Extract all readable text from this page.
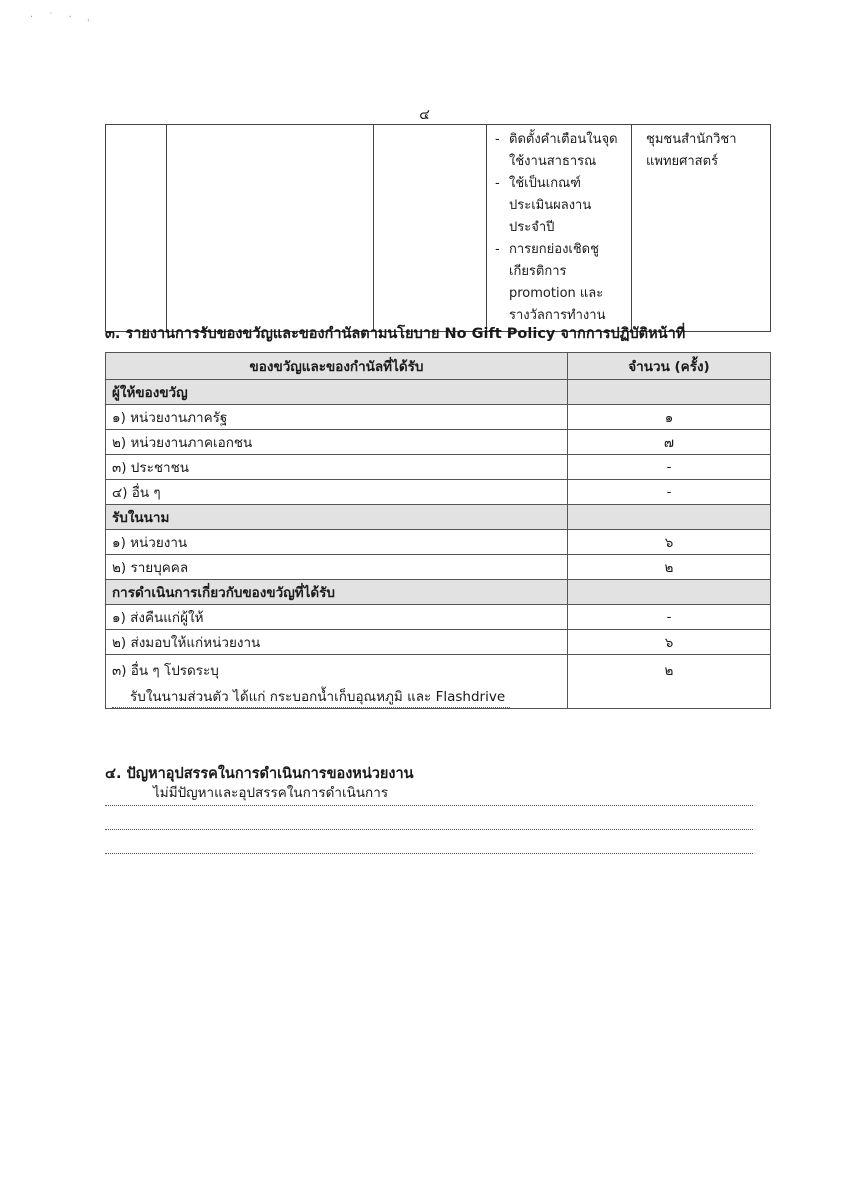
· ˙ · ˌ
๔

- ติดตั้งคำเตือนในจุดใช้งานสาธารณ
- ใช้เป็นเกณฑ์ประเมินผลงานประจำปี
- การยกย่องเชิดชูเกียรติการ promotion และรางวัลการทำงาน
	ชุมชนสำนักวิชาแพทยศาสตร์
๓. รายงานการรับของขวัญและของกำนัลตามนโยบาย No Gift Policy จากการปฏิบัติหน้าที่
ของขวัญและของกำนัลที่ได้รับ	จำนวน (ครั้ง)
ผู้ให้ของขวัญ	
๑) หน่วยงานภาครัฐ	๑
๒) หน่วยงานภาคเอกชน	๗
๓) ประชาชน	-
๔) อื่น ๆ	-
รับในนาม	
๑) หน่วยงาน	๖
๒) รายบุคคล	๒
การดำเนินการเกี่ยวกับของขวัญที่ได้รับ	
๑) ส่งคืนแก่ผู้ให้	-
๒) ส่งมอบให้แก่หน่วยงาน	๖
๓) อื่น ๆ โปรดระบุ
รับในนามส่วนตัว ได้แก่ กระบอกน้ำเก็บอุณหภูมิ และ Flashdrive	๒
๔. ปัญหาอุปสรรคในการดำเนินการของหน่วยงาน
ไม่มีปัญหาและอุปสรรคในการดำเนินการ
